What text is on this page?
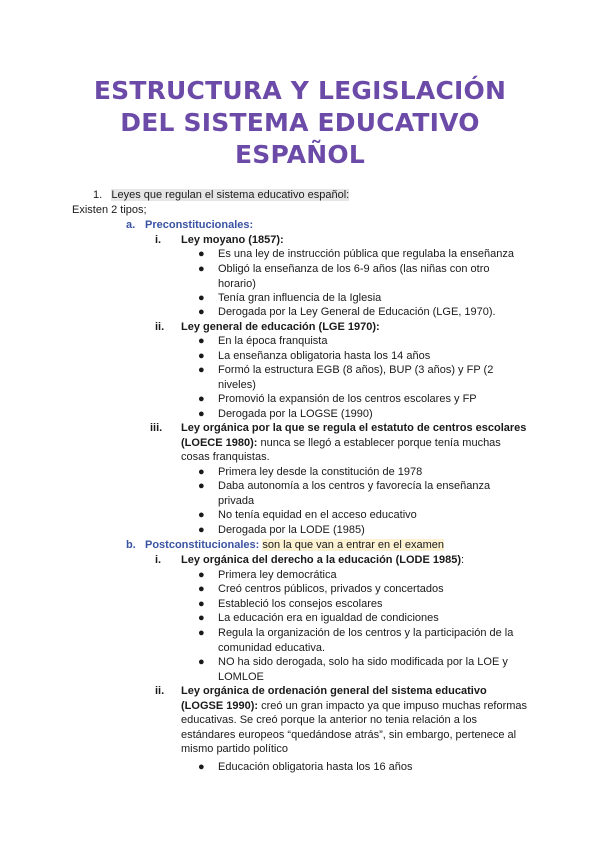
ESTRUCTURA Y LEGISLACIÓN
DEL SISTEMA EDUCATIVO
ESPAÑOL
1. Leyes que regulan el sistema educativo español:
Existen 2 tipos;
a. Preconstitucionales:
i. Ley moyano (1857):
● Es una ley de instrucción pública que regulaba la enseñanza
● Obligó la enseñanza de los 6-9 años (las niñas con otro horario)
● Tenía gran influencia de la Iglesia
● Derogada por la Ley General de Educación (LGE, 1970).
ii. Ley general de educación (LGE 1970):
● En la época franquista
● La enseñanza obligatoria hasta los 14 años
● Formó la estructura EGB (8 años), BUP (3 años) y FP (2 niveles)
● Promovió la expansión de los centros escolares y FP
● Derogada por la LOGSE (1990)
iii. Ley orgánica por la que se regula el estatuto de centros escolares (LOECE 1980): nunca se llegó a establecer porque tenía muchas cosas franquistas.
● Primera ley desde la constitución de 1978
● Daba autonomía a los centros y favorecía la enseñanza privada
● No tenía equidad en el acceso educativo
● Derogada por la LODE (1985)
b. Postconstitucionales: son la que van a entrar en el examen
i. Ley orgánica del derecho a la educación (LODE 1985):
● Primera ley democrática
● Creó centros públicos, privados y concertados
● Estableció los consejos escolares
● La educación era en igualdad de condiciones
● Regula la organización de los centros y la participación de la comunidad educativa.
● NO ha sido derogada, solo ha sido modificada por la LOE y LOMLOE
ii. Ley orgánica de ordenación general del sistema educativo (LOGSE 1990): creó un gran impacto ya que impuso muchas reformas educativas. Se creó porque la anterior no tenia relación a los estándares europeos “quedándose atrás”, sin embargo, pertenece al mismo partido político
● Educación obligatoria hasta los 16 años
